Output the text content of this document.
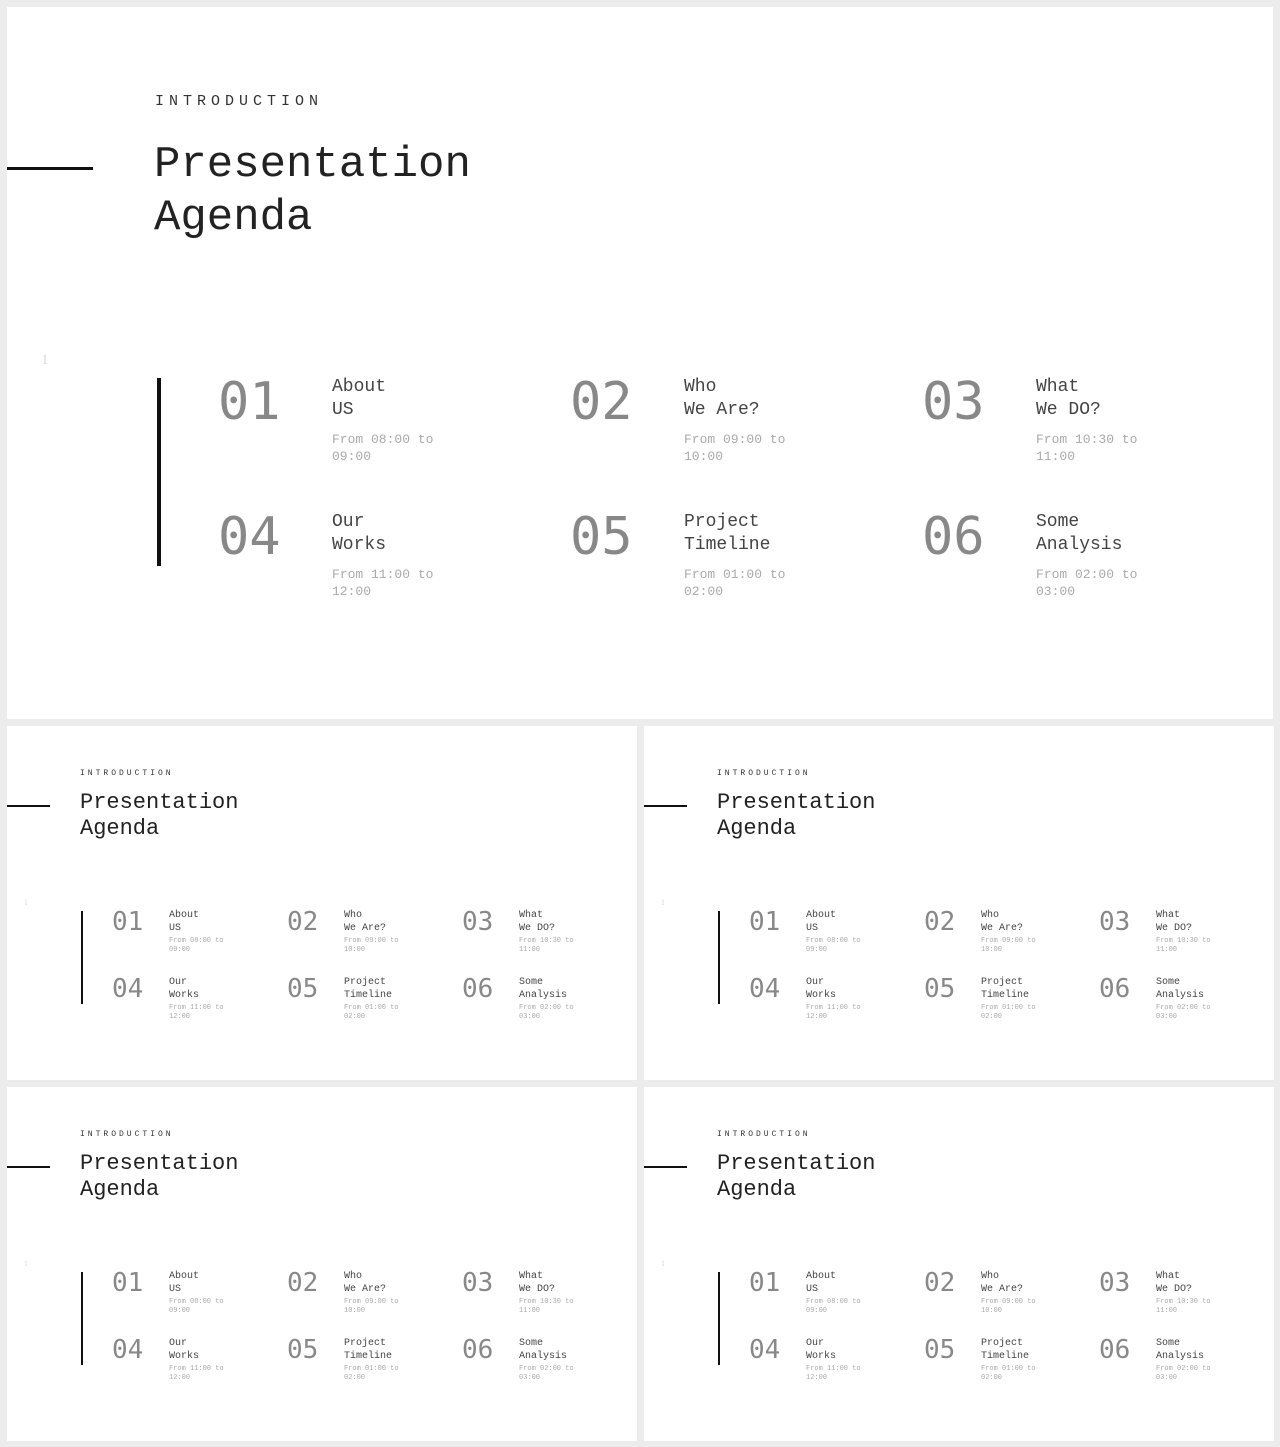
INTRODUCTION
Presentation
Agenda
1
01	About
US
From 08:00 to
09:00
02	Who
We Are?
From 09:00 to
10:00
03	What
We DO?
From 10:30 to
11:00
04	Our
Works
From 11:00 to
12:00
05	Project
Timeline
From 01:00 to
02:00
06	Some
Analysis
From 02:00 to
03:00
INTRODUCTION
Presentation
Agenda
1
01	About
US
From 08:00 to
09:00
02	Who
We Are?
From 09:00 to
10:00
03	What
We DO?
From 10:30 to
11:00
04	Our
Works
From 11:00 to
12:00
05	Project
Timeline
From 01:00 to
02:00
06	Some
Analysis
From 02:00 to
03:00
INTRODUCTION
Presentation
Agenda
1
01	About
US
From 08:00 to
09:00
02	Who
We Are?
From 09:00 to
10:00
03	What
We DO?
From 10:30 to
11:00
04	Our
Works
From 11:00 to
12:00
05	Project
Timeline
From 01:00 to
02:00
06	Some
Analysis
From 02:00 to
03:00
INTRODUCTION
Presentation
Agenda
1
01	About
US
From 08:00 to
09:00
02	Who
We Are?
From 09:00 to
10:00
03	What
We DO?
From 10:30 to
11:00
04	Our
Works
From 11:00 to
12:00
05	Project
Timeline
From 01:00 to
02:00
06	Some
Analysis
From 02:00 to
03:00
INTRODUCTION
Presentation
Agenda
1
01	About
US
From 08:00 to
09:00
02	Who
We Are?
From 09:00 to
10:00
03	What
We DO?
From 10:30 to
11:00
04	Our
Works
From 11:00 to
12:00
05	Project
Timeline
From 01:00 to
02:00
06	Some
Analysis
From 02:00 to
03:00
